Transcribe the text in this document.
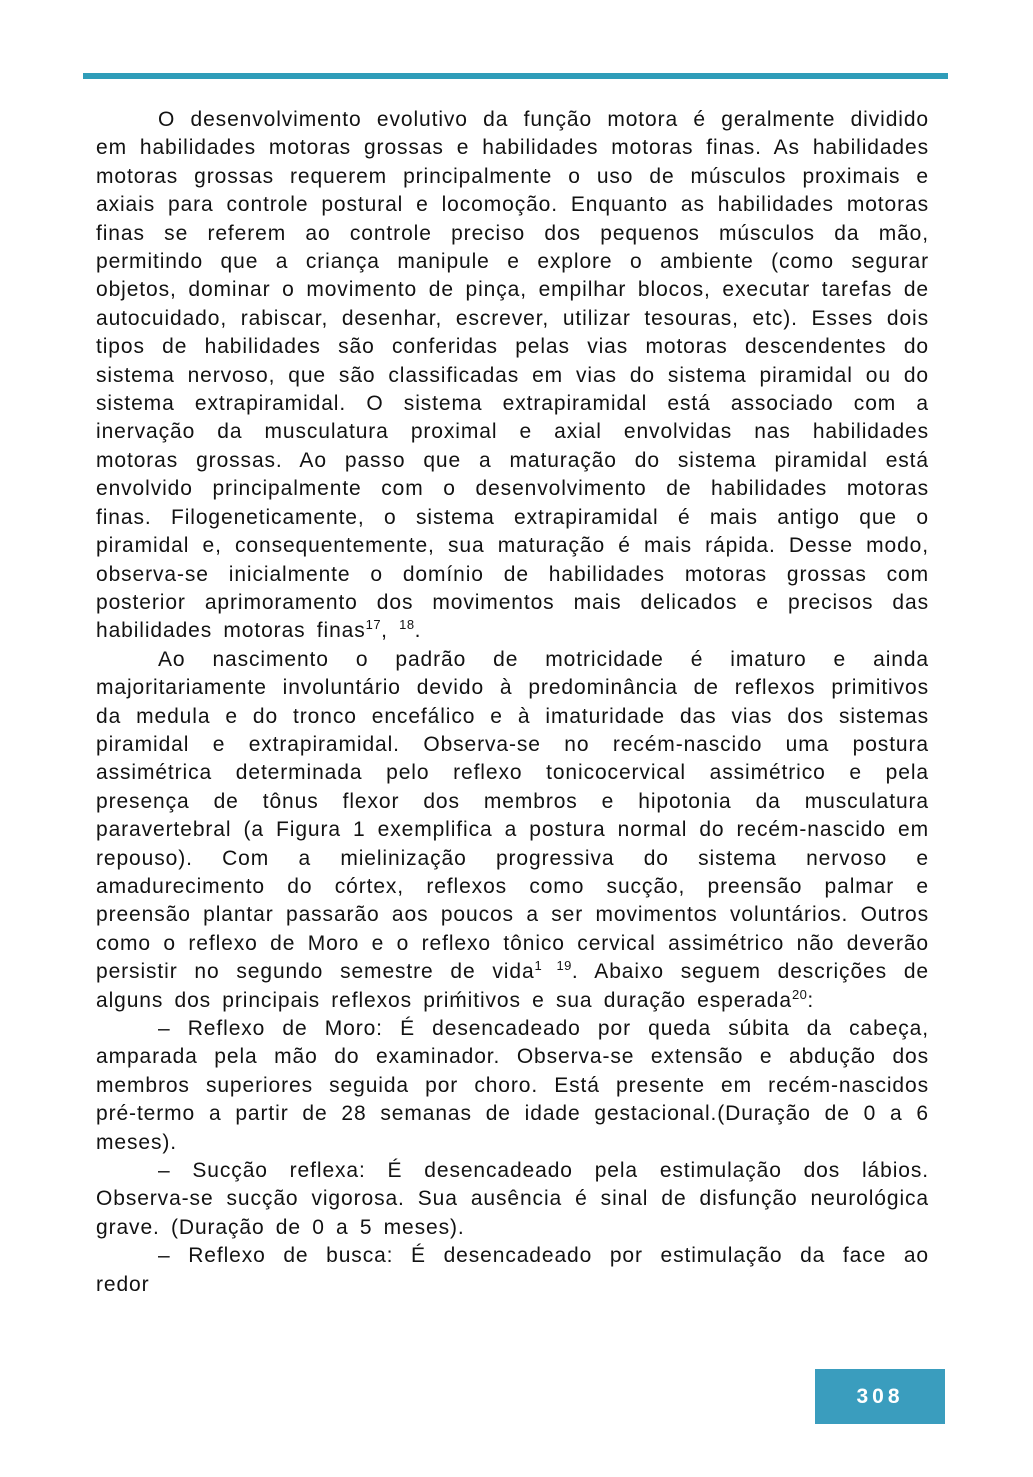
O desenvolvimento evolutivo da função motora é geralmente dividido em habilidades motoras grossas e habilidades motoras finas. As habilidades motoras grossas requerem principalmente o uso de músculos proximais e axiais para controle postural e locomoção. Enquanto as habilidades motoras finas se referem ao controle preciso dos pequenos músculos da mão, permitindo que a criança manipule e explore o ambiente (como segurar objetos, dominar o movimento de pinça, empilhar blocos, executar tarefas de autocuidado, rabiscar, desenhar, escrever, utilizar tesouras, etc). Esses dois tipos de habilidades são conferidas pelas vias motoras descendentes do sistema nervoso, que são classificadas em vias do sistema piramidal ou do sistema extrapiramidal. O sistema extrapiramidal está associado com a inervação da musculatura proximal e axial envolvidas nas habilidades motoras grossas. Ao passo que a maturação do sistema piramidal está envolvido principalmente com o desenvolvimento de habilidades motoras finas. Filogeneticamente, o sistema extrapiramidal é mais antigo que o piramidal e, consequentemente, sua maturação é mais rápida. Desse modo, observa-se inicialmente o domínio de habilidades motoras grossas com posterior aprimoramento dos movimentos mais delicados e precisos das habilidades motoras finas$^{17}$, $^{18}$.

Ao nascimento o padrão de motricidade é imaturo e ainda majoritariamente involuntário devido à predominância de reflexos primitivos da medula e do tronco encefálico e à imaturidade das vias dos sistemas piramidal e extrapiramidal. Observa-se no recém-nascido uma postura assimétrica determinada pelo reflexo tonicocervical assimétrico e pela presença de tônus flexor dos membros e hipotonia da musculatura paravertebral (a Figura 1 exemplifica a postura normal do recém-nascido em repouso). Com a mielinização progressiva do sistema nervoso e amadurecimento do córtex, reflexos como sucção, preensão palmar e preensão plantar passarão aos poucos a ser movimentos voluntários. Outros como o reflexo de Moro e o reflexo tônico cervical assimétrico não deverão persistir no segundo semestre de vida$^{1 19}$. Abaixo seguem descrições de alguns dos principais reflexos priḿitivos e sua duração esperada$^{20}$:

– Reflexo de Moro: É desencadeado por queda súbita da cabeça, amparada pela mão do examinador. Observa-se extensão e abdução dos membros superiores seguida por choro. Está presente em recém-nascidos pré-termo a partir de 28 semanas de idade gestacional.(Duração de 0 a 6 meses).

– Sucção reflexa: É desencadeado pela estimulação dos lábios. Observa-se sucção vigorosa. Sua ausência é sinal de disfunção neurológica grave. (Duração de 0 a 5 meses).

– Reflexo de busca: É desencadeado por estimulação da face ao redor

308
